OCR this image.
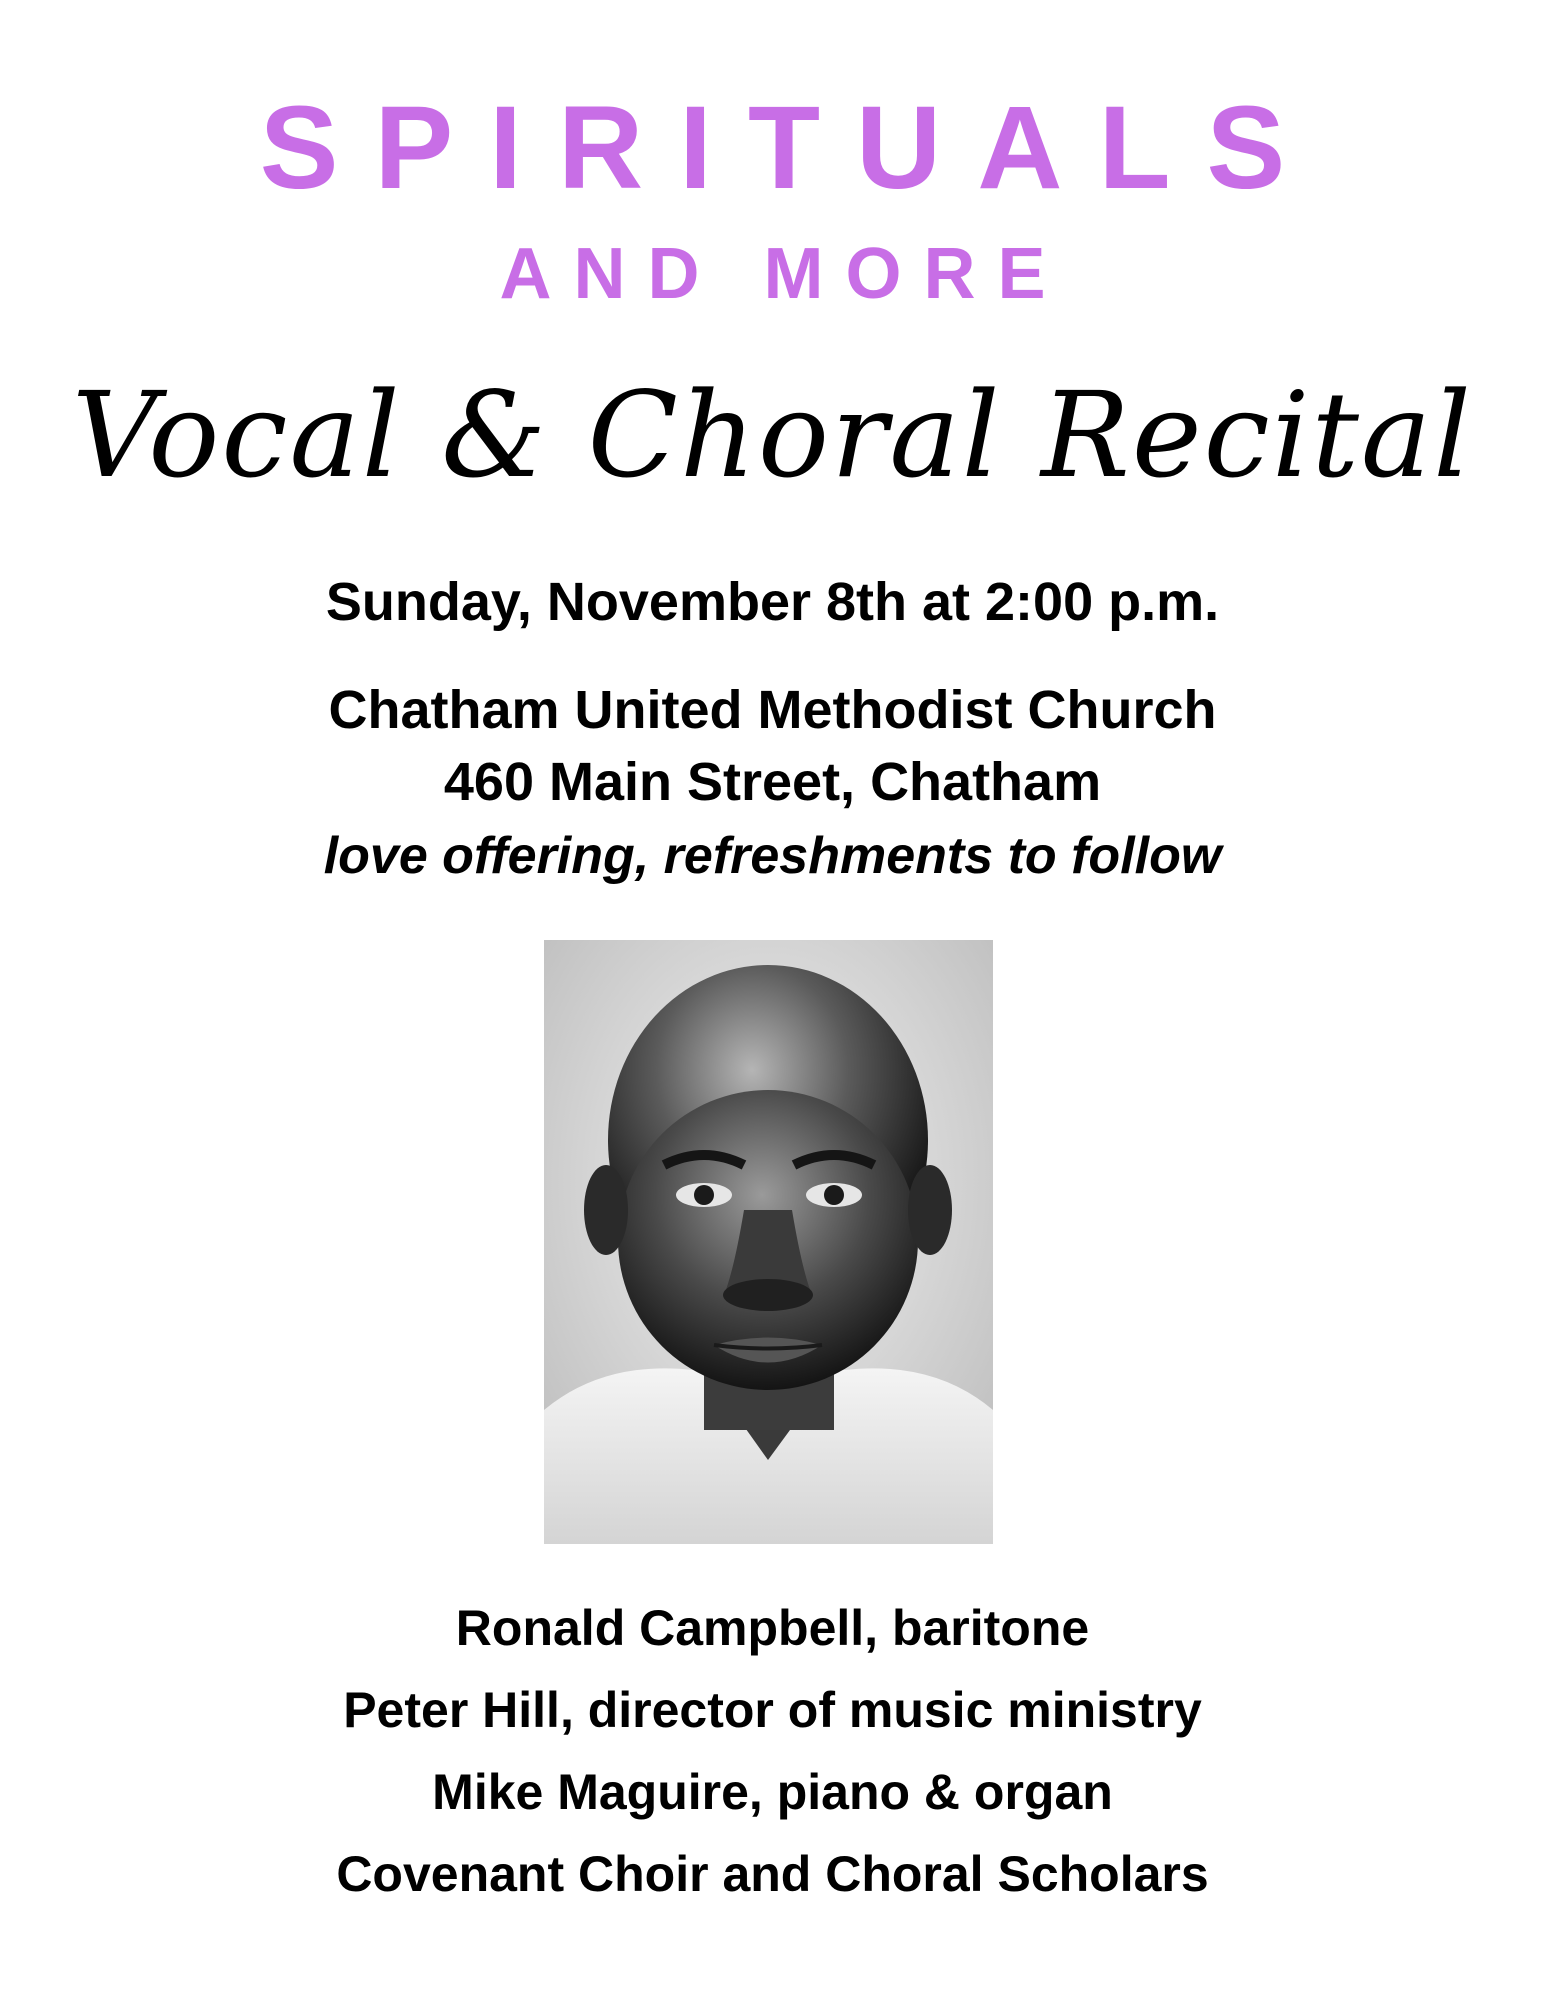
SPIRITUALS
AND MORE
Vocal & Choral Recital
Sunday, November 8th at 2:00 p.m.
Chatham United Methodist Church
460 Main Street, Chatham
love offering, refreshments to follow
Ronald Campbell, baritone
Peter Hill, director of music ministry
Mike Maguire, piano & organ
Covenant Choir and Choral Scholars
